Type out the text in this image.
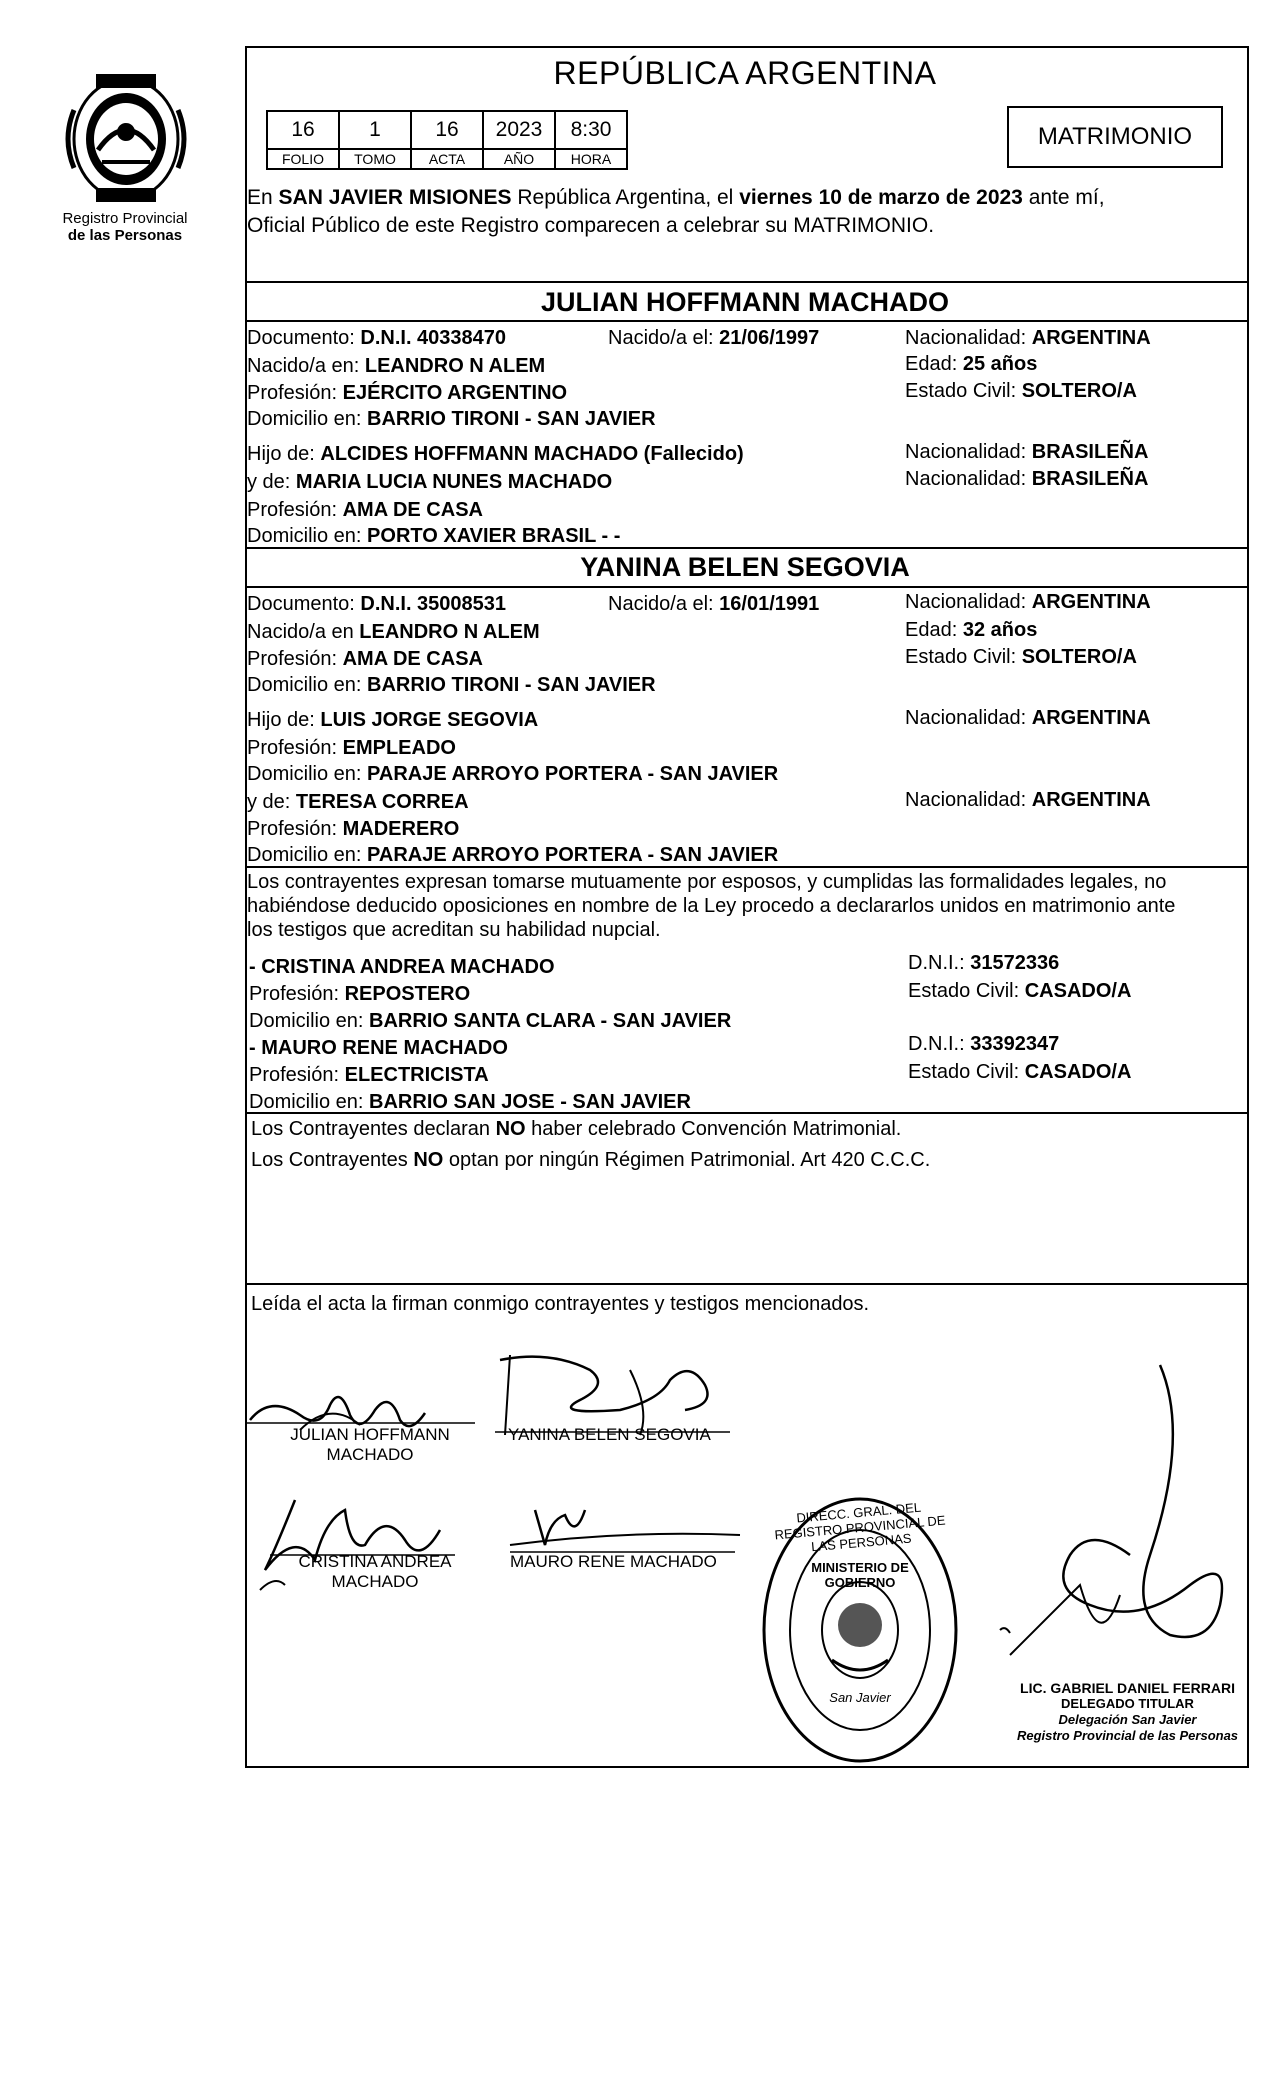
Registro Provincial
de las Personas
REPÚBLICA ARGENTINA
16	1	16	2023	8:30
FOLIO	TOMO	ACTA	AÑO	HORA
MATRIMONIO
En SAN JAVIER MISIONES República Argentina, el viernes 10 de marzo de 2023 ante mí,
Oficial Público de este Registro comparecen a celebrar su MATRIMONIO.
JULIAN HOFFMANN MACHADO
Documento: D.N.I. 40338470	Nacido/a el: 21/06/1997	Nacionalidad: ARGENTINA
Nacido/a en: LEANDRO N ALEM	Edad: 25 años
Profesión: EJÉRCITO ARGENTINO	Estado Civil: SOLTERO/A
Domicilio en: BARRIO TIRONI - SAN JAVIER
Hijo de: ALCIDES HOFFMANN MACHADO (Fallecido)	Nacionalidad: BRASILEÑA
y de: MARIA LUCIA NUNES MACHADO	Nacionalidad: BRASILEÑA
Profesión: AMA DE CASA
Domicilio en: PORTO XAVIER BRASIL - -
YANINA BELEN SEGOVIA
Documento: D.N.I. 35008531	Nacido/a el: 16/01/1991	Nacionalidad: ARGENTINA
Nacido/a en LEANDRO N ALEM	Edad: 32 años
Profesión: AMA DE CASA	Estado Civil: SOLTERO/A
Domicilio en: BARRIO TIRONI - SAN JAVIER
Hijo de: LUIS JORGE SEGOVIA	Nacionalidad: ARGENTINA
Profesión: EMPLEADO
Domicilio en: PARAJE ARROYO PORTERA - SAN JAVIER
y de: TERESA CORREA	Nacionalidad: ARGENTINA
Profesión: MADERERO
Domicilio en: PARAJE ARROYO PORTERA - SAN JAVIER
Los contrayentes expresan tomarse mutuamente por esposos, y cumplidas las formalidades legales, no
habiéndose deducido oposiciones en nombre de la Ley procedo a declararlos unidos en matrimonio ante
los testigos que acreditan su habilidad nupcial.
- CRISTINA ANDREA MACHADO	D.N.I.: 31572336
Profesión: REPOSTERO	Estado Civil: CASADO/A
Domicilio en: BARRIO SANTA CLARA - SAN JAVIER
- MAURO RENE MACHADO	D.N.I.: 33392347
Profesión: ELECTRICISTA	Estado Civil: CASADO/A
Domicilio en: BARRIO SAN JOSE - SAN JAVIER
Los Contrayentes declaran NO haber celebrado Convención Matrimonial.
Los Contrayentes NO optan por ningún Régimen Patrimonial. Art 420 C.C.C.
Leída el acta la firman conmigo contrayentes y testigos mencionados.
JULIAN HOFFMANN
MACHADO
YANINA BELEN SEGOVIA
CRISTINA ANDREA
MACHADO
MAURO RENE MACHADO
DIRECC. GRAL. DEL REGISTRO PROVINCIAL DE LAS PERSONAS
MINISTERIO DE GOBIERNO
San Javier
LIC. GABRIEL DANIEL FERRARI
DELEGADO TITULAR
Delegación San Javier
Registro Provincial de las Personas
